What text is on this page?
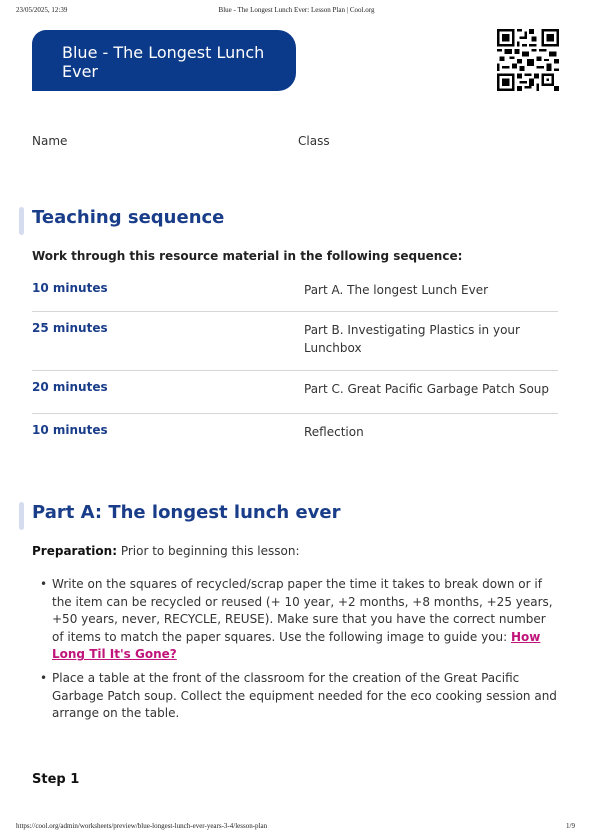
23/05/2025, 12:39	Blue - The Longest Lunch Ever: Lesson Plan | Cool.org
Blue - The Longest Lunch Ever
Name	Class
Teaching sequence
Work through this resource material in the following sequence:
10 minutes	Part A. The longest Lunch Ever
25 minutes	Part B. Investigating Plastics in your Lunchbox
20 minutes	Part C. Great Pacific Garbage Patch Soup
10 minutes	Reflection
Part A: The longest lunch ever

Preparation: Prior to beginning this lesson:

• Write on the squares of recycled/scrap paper the time it takes to break down or if the item can be recycled or reused (+ 10 year, +2 months, +8 months, +25 years, +50 years, never, RECYCLE, REUSE). Make sure that you have the correct number of items to match the paper squares. Use the following image to guide you: How Long Til It's Gone?
• Place a table at the front of the classroom for the creation of the Great Pacific Garbage Patch soup. Collect the equipment needed for the eco cooking session and arrange on the table.
Step 1
https://cool.org/admin/worksheets/preview/blue-longest-lunch-ever-years-3-4/lesson-plan	1/9
